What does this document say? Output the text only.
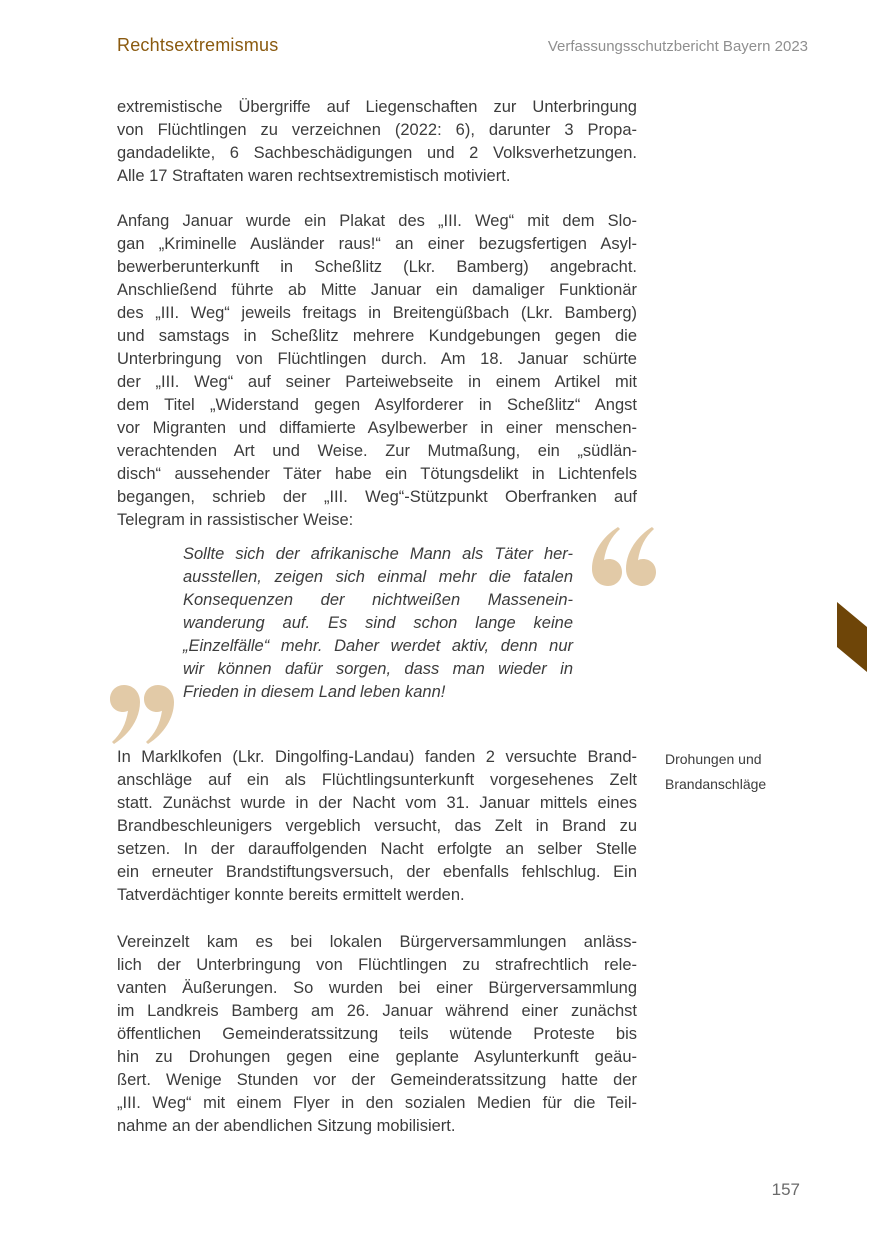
Rechtsextremismus	Verfassungsschutzbericht Bayern 2023
extremistische Übergriffe auf Liegenschaften zur Unterbringung
von Flüchtlingen zu verzeichnen (2022: 6), darunter 3 Propa-
gandadelikte, 6 Sachbeschädigungen und 2 Volksverhetzungen.
Alle 17 Straftaten waren rechtsextremistisch motiviert.
Anfang Januar wurde ein Plakat des „III. Weg“ mit dem Slo-
gan „Kriminelle Ausländer raus!“ an einer bezugsfertigen Asyl-
bewerberunterkunft in Scheßlitz (Lkr. Bamberg) angebracht.
Anschließend führte ab Mitte Januar ein damaliger Funktionär
des „III. Weg“ jeweils freitags in Breitengüßbach (Lkr. Bamberg)
und samstags in Scheßlitz mehrere Kundgebungen gegen die
Unterbringung von Flüchtlingen durch. Am 18. Januar schürte
der „III. Weg“ auf seiner Parteiwebseite in einem Artikel mit
dem Titel „Widerstand gegen Asylforderer in Scheßlitz“ Angst
vor Migranten und diffamierte Asylbewerber in einer menschen-
verachtenden Art und Weise. Zur Mutmaßung, ein „südlän-
disch“ aussehender Täter habe ein Tötungsdelikt in Lichtenfels
begangen, schrieb der „III. Weg“-Stützpunkt Oberfranken auf
Telegram in rassistischer Weise:
Sollte sich der afrikanische Mann als Täter her-
ausstellen, zeigen sich einmal mehr die fatalen
Konsequenzen der nichtweißen Massenein-
wanderung auf. Es sind schon lange keine
„Einzelfälle“ mehr. Daher werdet aktiv, denn nur
wir können dafür sorgen, dass man wieder in
Frieden in diesem Land leben kann!
In Marklkofen (Lkr. Dingolfing-Landau) fanden 2 versuchte Brand-
anschläge auf ein als Flüchtlingsunterkunft vorgesehenes Zelt
statt. Zunächst wurde in der Nacht vom 31. Januar mittels eines
Brandbeschleunigers vergeblich versucht, das Zelt in Brand zu
setzen. In der darauffolgenden Nacht erfolgte an selber Stelle
ein erneuter Brandstiftungsversuch, der ebenfalls fehlschlug. Ein
Tatverdächtiger konnte bereits ermittelt werden.
Vereinzelt kam es bei lokalen Bürgerversammlungen anläss-
lich der Unterbringung von Flüchtlingen zu strafrechtlich rele-
vanten Äußerungen. So wurden bei einer Bürgerversammlung
im Landkreis Bamberg am 26. Januar während einer zunächst
öffentlichen Gemeinderatssitzung teils wütende Proteste bis
hin zu Drohungen gegen eine geplante Asylunterkunft geäu-
ßert. Wenige Stunden vor der Gemeinderatssitzung hatte der
„III. Weg“ mit einem Flyer in den sozialen Medien für die Teil-
nahme an der abendlichen Sitzung mobilisiert.
Drohungen und Brandanschläge
157
